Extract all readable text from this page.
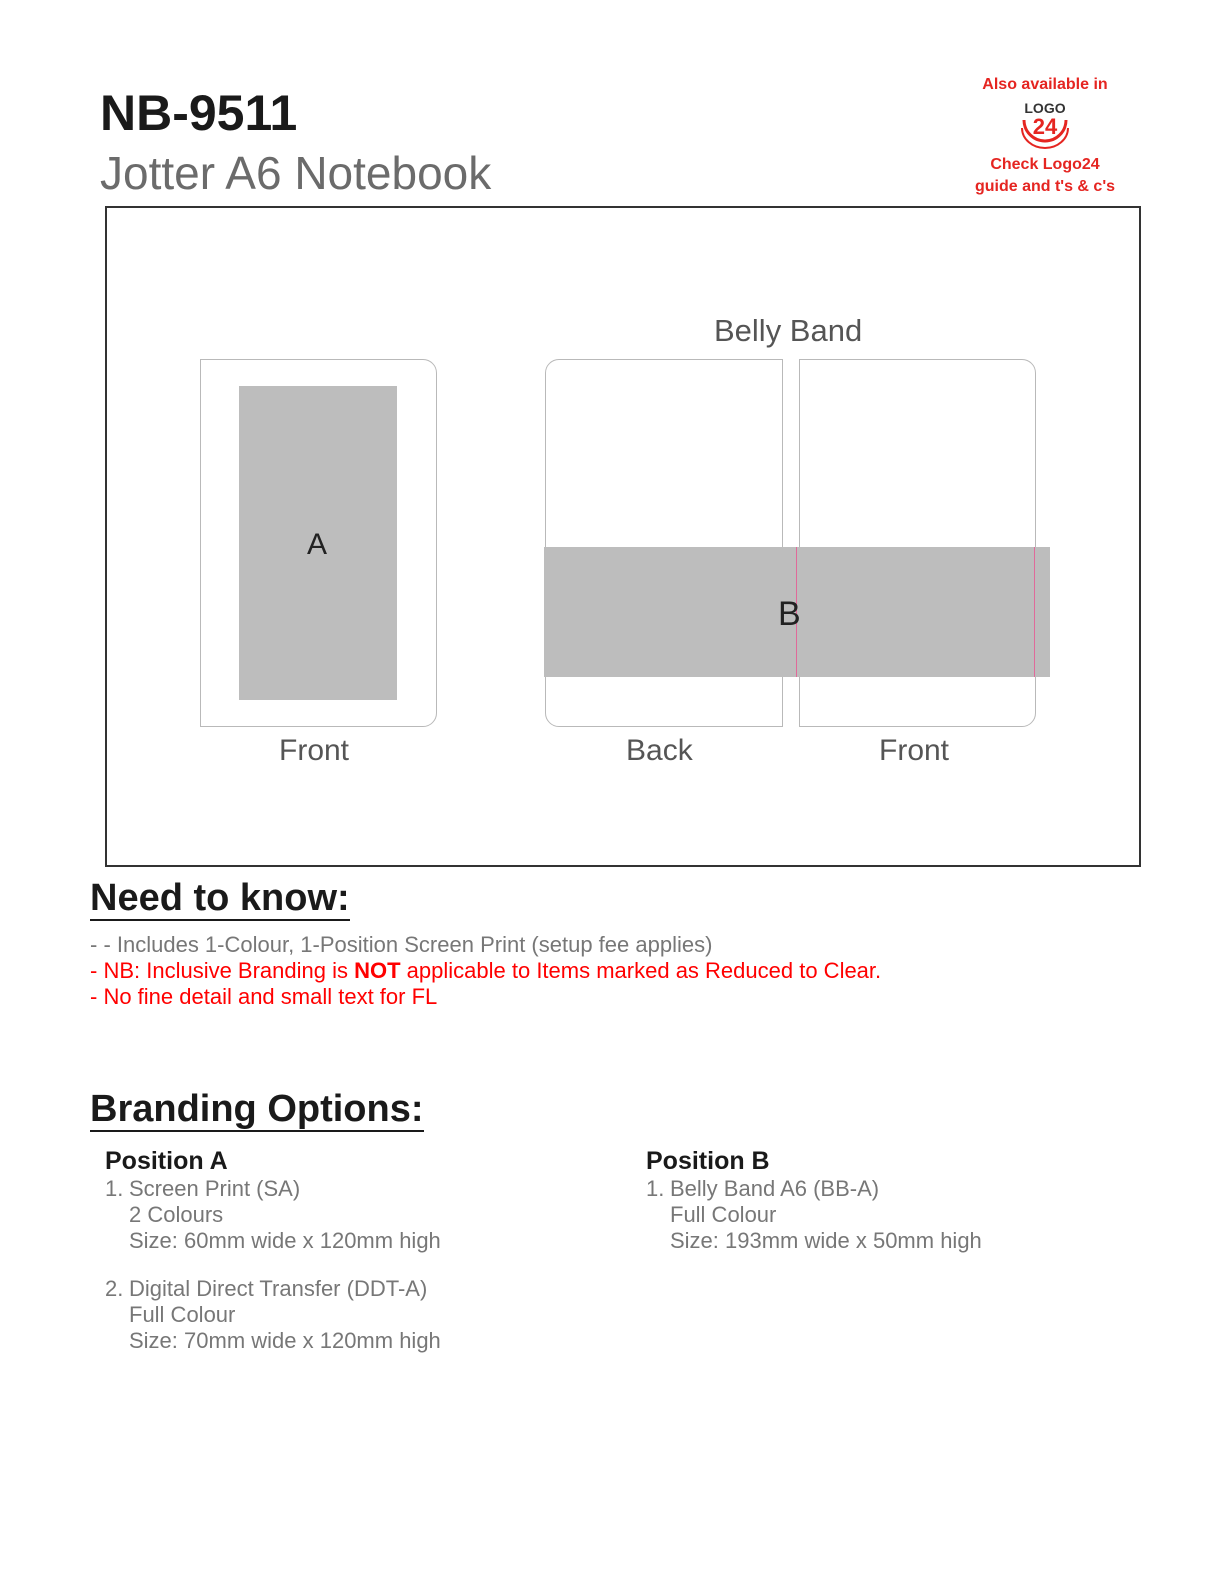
NB-9511
Jotter A6 Notebook
Also available in
LOGO
24
Check Logo24
guide and t's & c's
A
Front
Belly Band
B
Back	Front
Need to know:
- - Includes 1-Colour, 1-Position Screen Print (setup fee applies)
- NB: Inclusive Branding is NOT applicable to Items marked as Reduced to Clear.
- No fine detail and small text for FL
Branding Options:
Position A
1. Screen Print (SA)
2 Colours
Size: 60mm wide x 120mm high
2. Digital Direct Transfer (DDT-A)
Full Colour
Size: 70mm wide x 120mm high
Position B
1. Belly Band A6 (BB-A)
Full Colour
Size: 193mm wide x 50mm high
